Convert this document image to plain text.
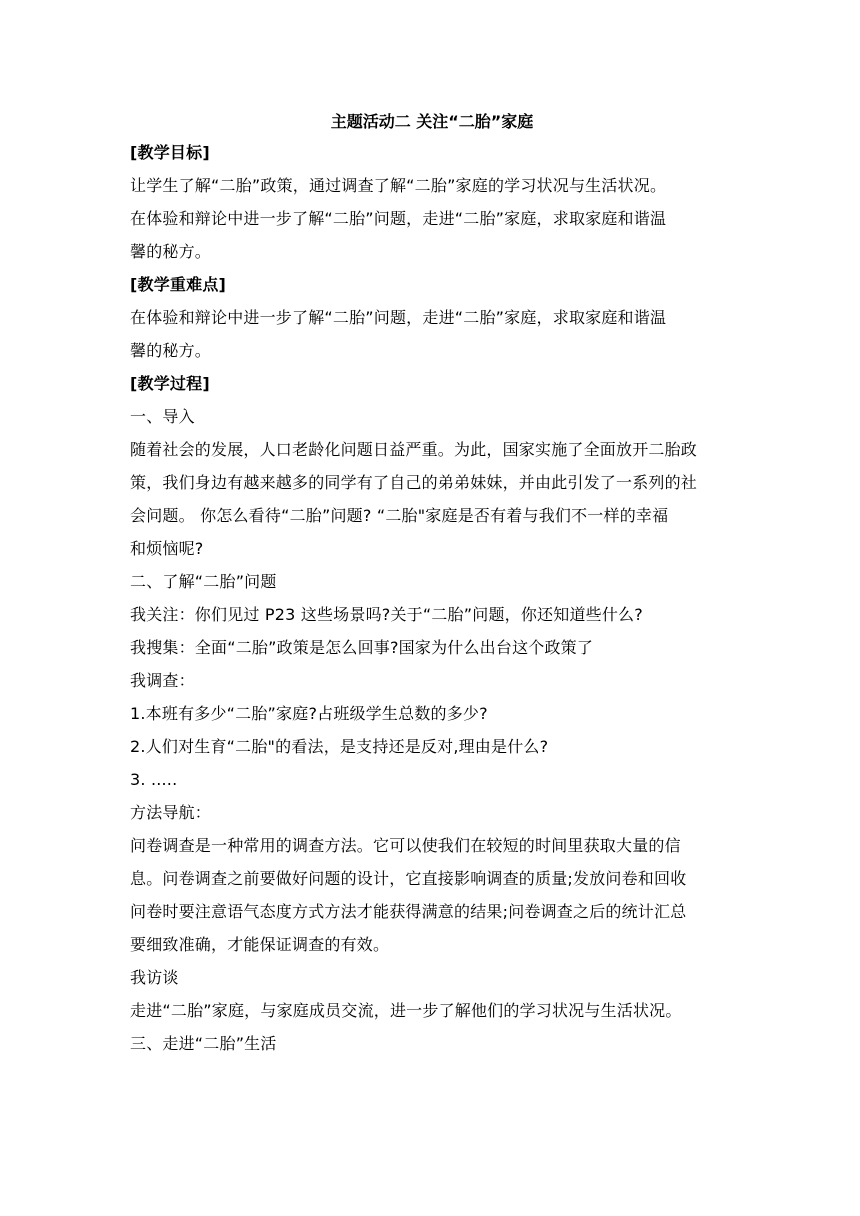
主题活动二 关注“二胎”家庭

[教学目标]

让学生了解“二胎”政策，通过调查了解“二胎”家庭的学习状况与生活状况。

在体验和辩论中进一步了解“二胎”问题，走进“二胎”家庭，求取家庭和谐温

馨的秘方。

[教学重难点]

在体验和辩论中进一步了解“二胎”问题，走进“二胎”家庭，求取家庭和谐温

馨的秘方。

[教学过程]

一、导入

随着社会的发展，人口老龄化问题日益严重。为此，国家实施了全面放开二胎政

策，我们身边有越来越多的同学有了自己的弟弟妹妹，并由此引发了一系列的社

会问题。 你怎么看待“二胎”问题? “二胎"家庭是否有着与我们不一样的幸福

和烦恼呢?

二、了解“二胎”问题

我关注：你们见过 P23 这些场景吗?关于“二胎”问题，你还知道些什么?

我搜集：全面“二胎”政策是怎么回事?国家为什么出台这个政策了

我调查：

1.本班有多少“二胎”家庭?占班级学生总数的多少?

2.人们对生育“二胎"的看法，是支持还是反对,理由是什么?

3. .....

方法导航：

问卷调查是一种常用的调查方法。它可以使我们在较短的时间里获取大量的信

息。问卷调查之前要做好问题的设计，它直接影响调查的质量;发放问卷和回收

问卷时要注意语气态度方式方法才能获得满意的结果;问卷调查之后的统计汇总

要细致准确，才能保证调查的有效。

我访谈

走进“二胎”家庭，与家庭成员交流，进一步了解他们的学习状况与生活状况。

三、走进“二胎”生活
